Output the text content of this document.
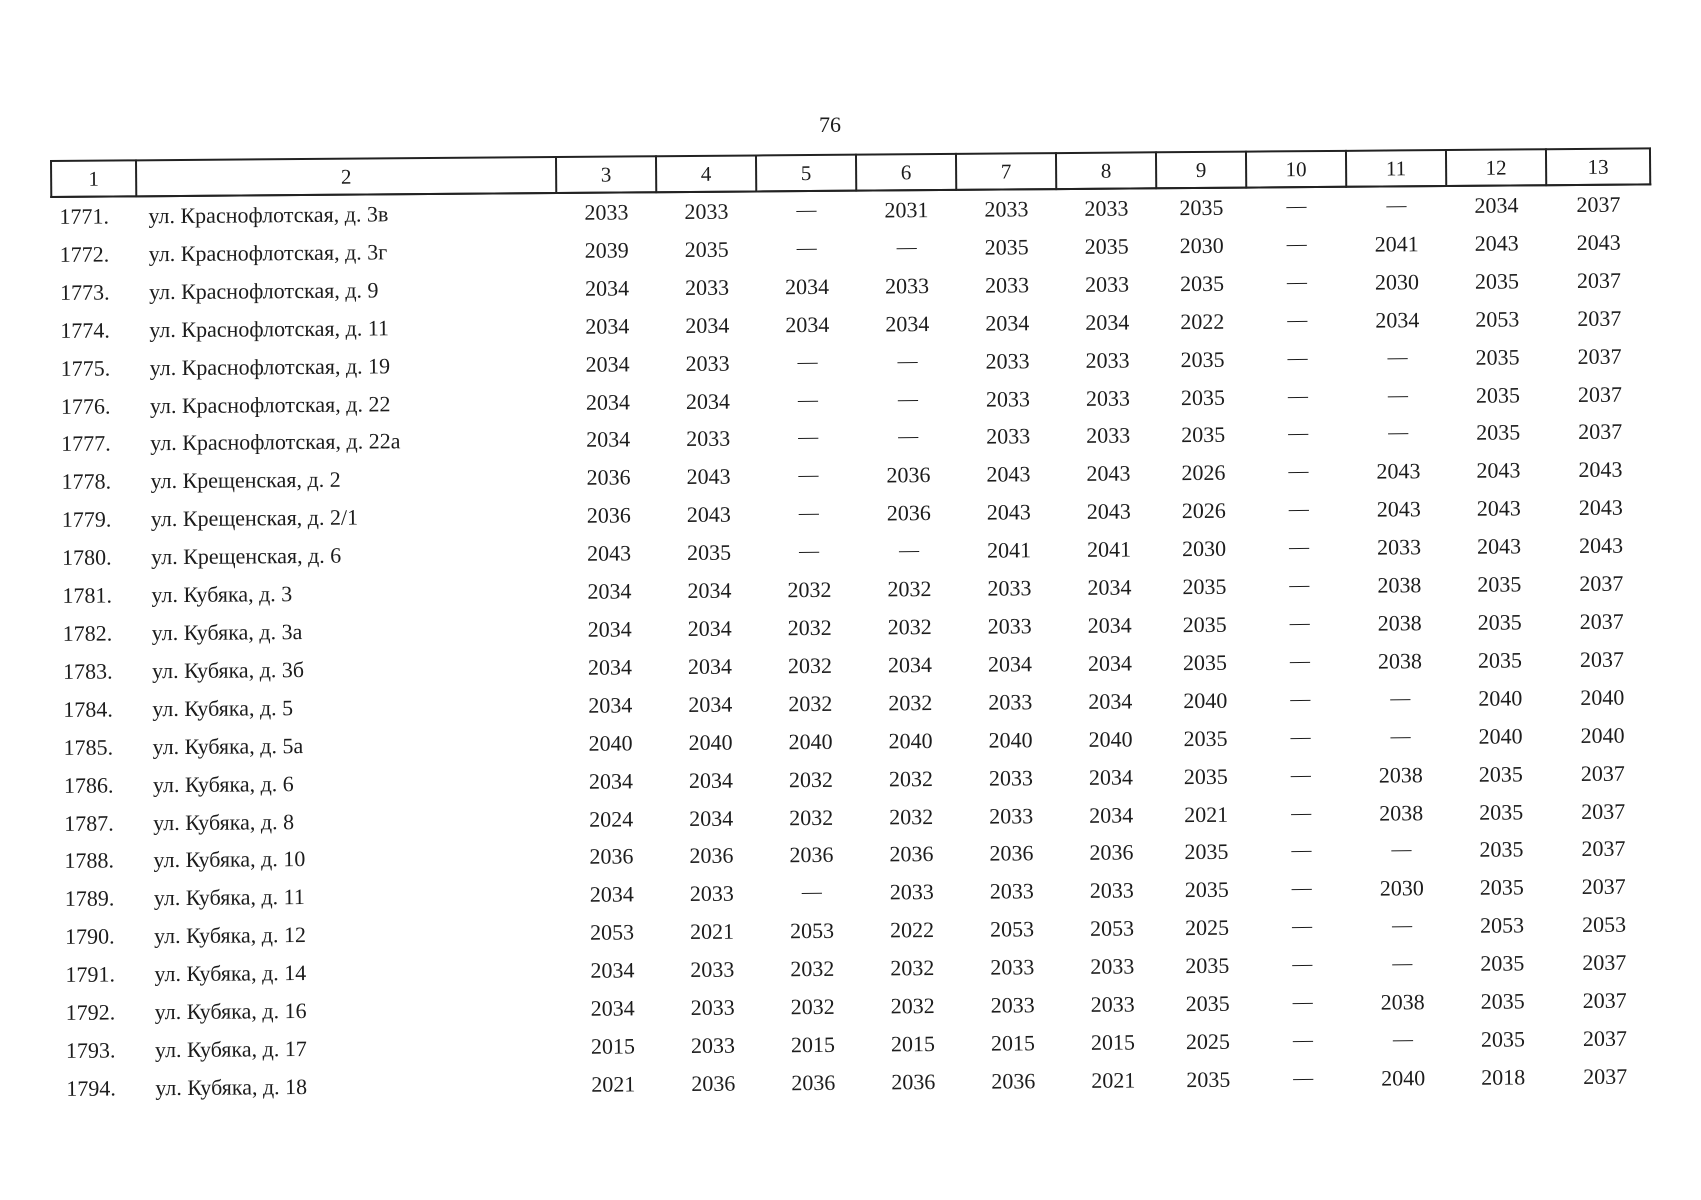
76
1	2	3	4	5	6	7	8	9	10	11	12	13
1771.	ул. Краснофлотская, д. 3в	2033	2033	—	2031	2033	2033	2035	—	—	2034	2037
1772.	ул. Краснофлотская, д. 3г	2039	2035	—	—	2035	2035	2030	—	2041	2043	2043
1773.	ул. Краснофлотская, д. 9	2034	2033	2034	2033	2033	2033	2035	—	2030	2035	2037
1774.	ул. Краснофлотская, д. 11	2034	2034	2034	2034	2034	2034	2022	—	2034	2053	2037
1775.	ул. Краснофлотская, д. 19	2034	2033	—	—	2033	2033	2035	—	—	2035	2037
1776.	ул. Краснофлотская, д. 22	2034	2034	—	—	2033	2033	2035	—	—	2035	2037
1777.	ул. Краснофлотская, д. 22а	2034	2033	—	—	2033	2033	2035	—	—	2035	2037
1778.	ул. Крещенская, д. 2	2036	2043	—	2036	2043	2043	2026	—	2043	2043	2043
1779.	ул. Крещенская, д. 2/1	2036	2043	—	2036	2043	2043	2026	—	2043	2043	2043
1780.	ул. Крещенская, д. 6	2043	2035	—	—	2041	2041	2030	—	2033	2043	2043
1781.	ул. Кубяка, д. 3	2034	2034	2032	2032	2033	2034	2035	—	2038	2035	2037
1782.	ул. Кубяка, д. 3а	2034	2034	2032	2032	2033	2034	2035	—	2038	2035	2037
1783.	ул. Кубяка, д. 3б	2034	2034	2032	2034	2034	2034	2035	—	2038	2035	2037
1784.	ул. Кубяка, д. 5	2034	2034	2032	2032	2033	2034	2040	—	—	2040	2040
1785.	ул. Кубяка, д. 5а	2040	2040	2040	2040	2040	2040	2035	—	—	2040	2040
1786.	ул. Кубяка, д. 6	2034	2034	2032	2032	2033	2034	2035	—	2038	2035	2037
1787.	ул. Кубяка, д. 8	2024	2034	2032	2032	2033	2034	2021	—	2038	2035	2037
1788.	ул. Кубяка, д. 10	2036	2036	2036	2036	2036	2036	2035	—	—	2035	2037
1789.	ул. Кубяка, д. 11	2034	2033	—	2033	2033	2033	2035	—	2030	2035	2037
1790.	ул. Кубяка, д. 12	2053	2021	2053	2022	2053	2053	2025	—	—	2053	2053
1791.	ул. Кубяка, д. 14	2034	2033	2032	2032	2033	2033	2035	—	—	2035	2037
1792.	ул. Кубяка, д. 16	2034	2033	2032	2032	2033	2033	2035	—	2038	2035	2037
1793.	ул. Кубяка, д. 17	2015	2033	2015	2015	2015	2015	2025	—	—	2035	2037
1794.	ул. Кубяка, д. 18	2021	2036	2036	2036	2036	2021	2035	—	2040	2018	2037
